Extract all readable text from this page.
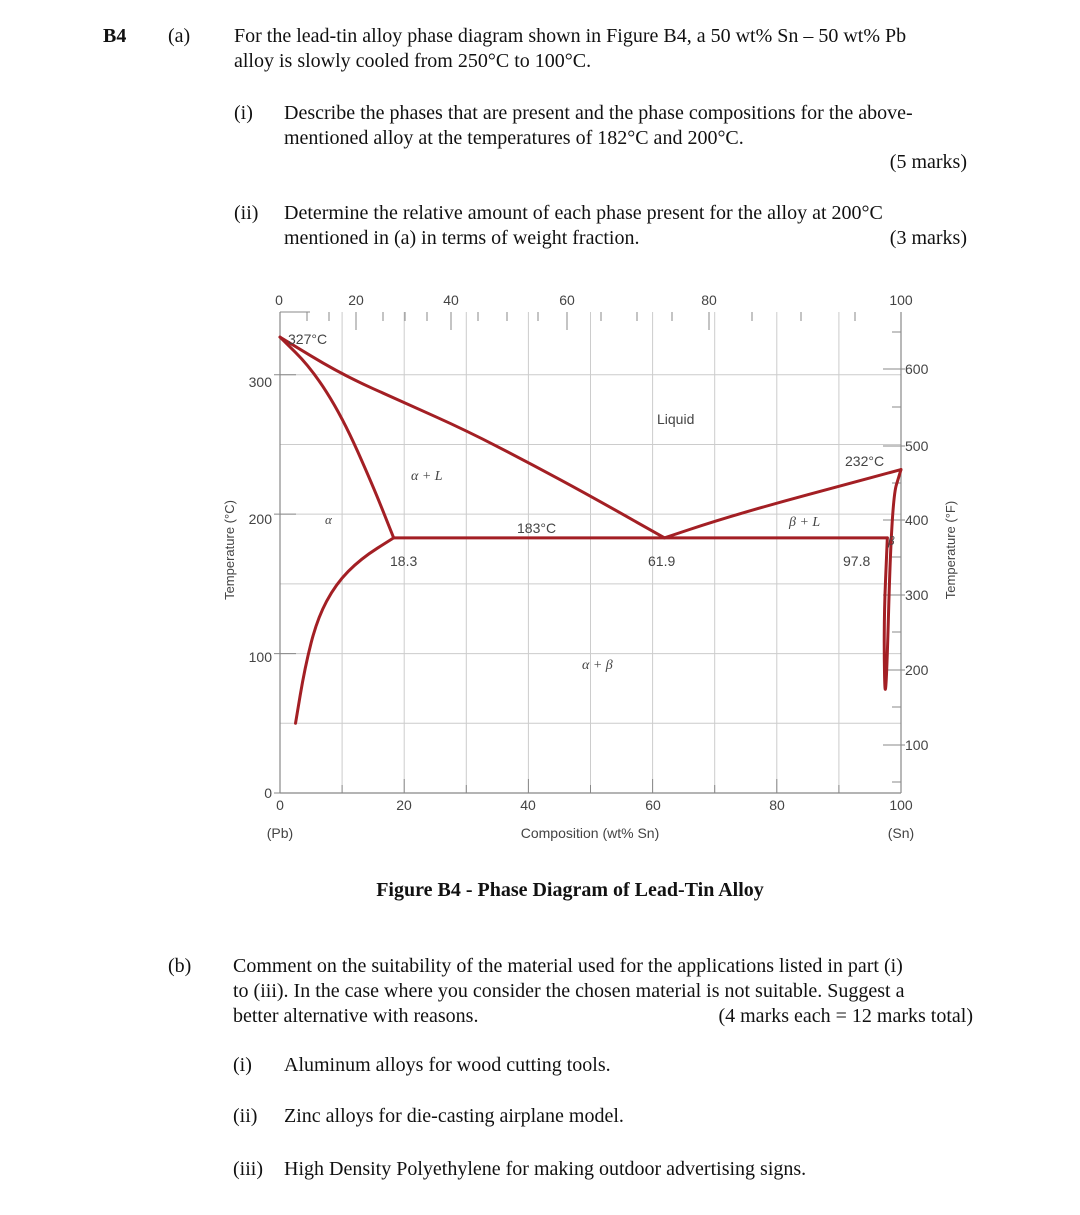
B4 (a) For the lead-tin alloy phase diagram shown in Figure B4, a 50 wt% Sn – 50 wt% Pb
alloy is slowly cooled from 250°C to 100°C.
(i) Describe the phases that are present and the phase compositions for the above-
mentioned alloy at the temperatures of 182°C and 200°C.
(5 marks)
(ii) Determine the relative amount of each phase present for the alloy at 200°C
mentioned in (a) in terms of weight fraction.	(3 marks)
0	20	40	60	80	100
0	20	40	60	80	100
(Pb)	(Sn)
Composition (wt% Sn)
0
100
200
300
Temperature (°C)
100
200
300
400
500
600
Temperature (°F)
Liquid
α + L
α	β + L
β
α + β
327°C
232°C
183°C
18.3	61.9	97.8
Figure B4 - Phase Diagram of Lead-Tin Alloy
(b) Comment on the suitability of the material used for the applications listed in part (i)
to (iii). In the case where you consider the chosen material is not suitable. Suggest a
better alternative with reasons.	(4 marks each = 12 marks total)
(i) Aluminum alloys for wood cutting tools.
(ii) Zinc alloys for die-casting airplane model.
(iii) High Density Polyethylene for making outdoor advertising signs.
